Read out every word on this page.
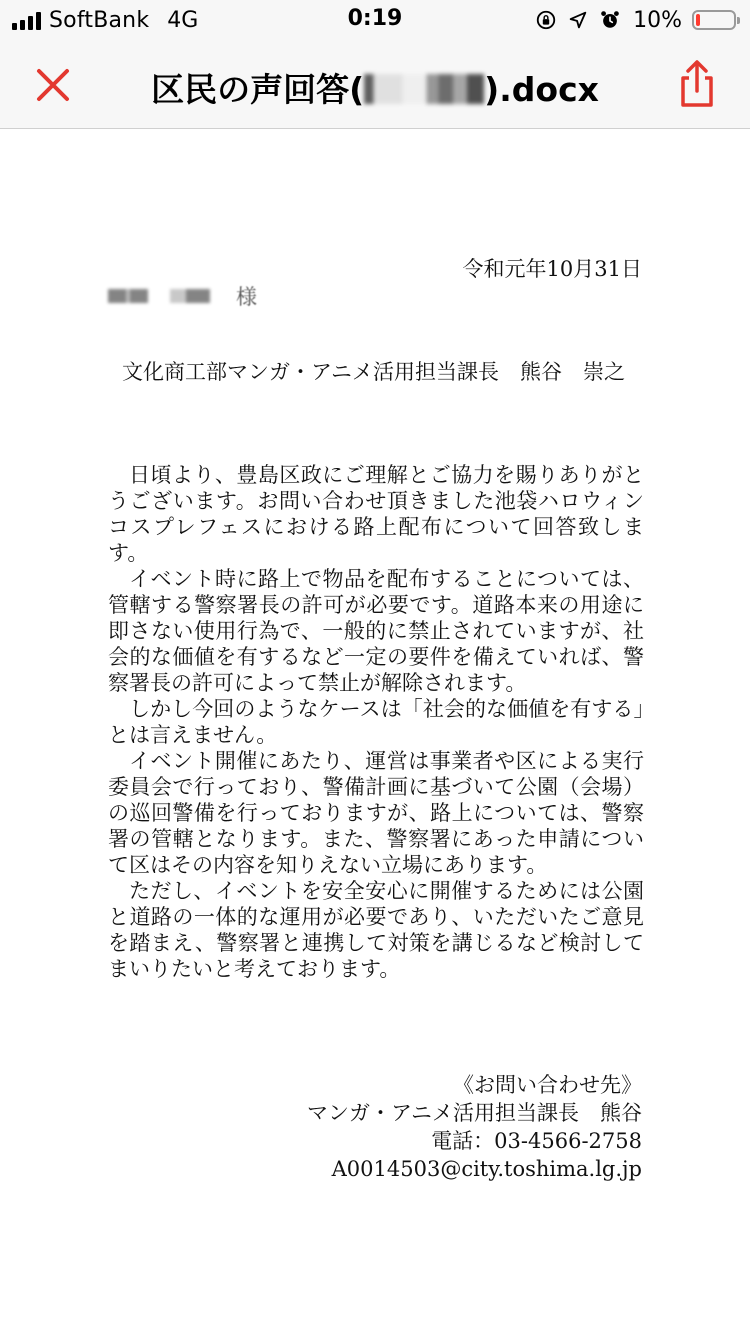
SoftBank 4G	0:19	10%
区民の声回答(	).docx
令和元年10月31日
様
文化商工部マンガ・アニメ活用担当課長　熊谷　崇之

日頃より、豊島区政にご理解とご協力を賜りありがとうございます。お問い合わせ頂きました池袋ハロウィンコスプレフェスにおける路上配布について回答致します。

イベント時に路上で物品を配布することについては、管轄する警察署長の許可が必要です。道路本来の用途に即さない使用行為で、一般的に禁止されていますが、社会的な価値を有するなど一定の要件を備えていれば、警察署長の許可によって禁止が解除されます。

しかし今回のようなケースは「社会的な価値を有する」とは言えません。

イベント開催にあたり、運営は事業者や区による実行委員会で行っており、警備計画に基づいて公園（会場）の巡回警備を行っておりますが、路上については、警察署の管轄となります。また、警察署にあった申請について区はその内容を知りえない立場にあります。

ただし、イベントを安全安心に開催するためには公園と道路の一体的な運用が必要であり、いただいたご意見を踏まえ、警察署と連携して対策を講じるなど検討してまいりたいと考えております。

《お問い合わせ先》
マンガ・アニメ活用担当課長　熊谷
電話：03-4566-2758
A0014503@city.toshima.lg.jp
